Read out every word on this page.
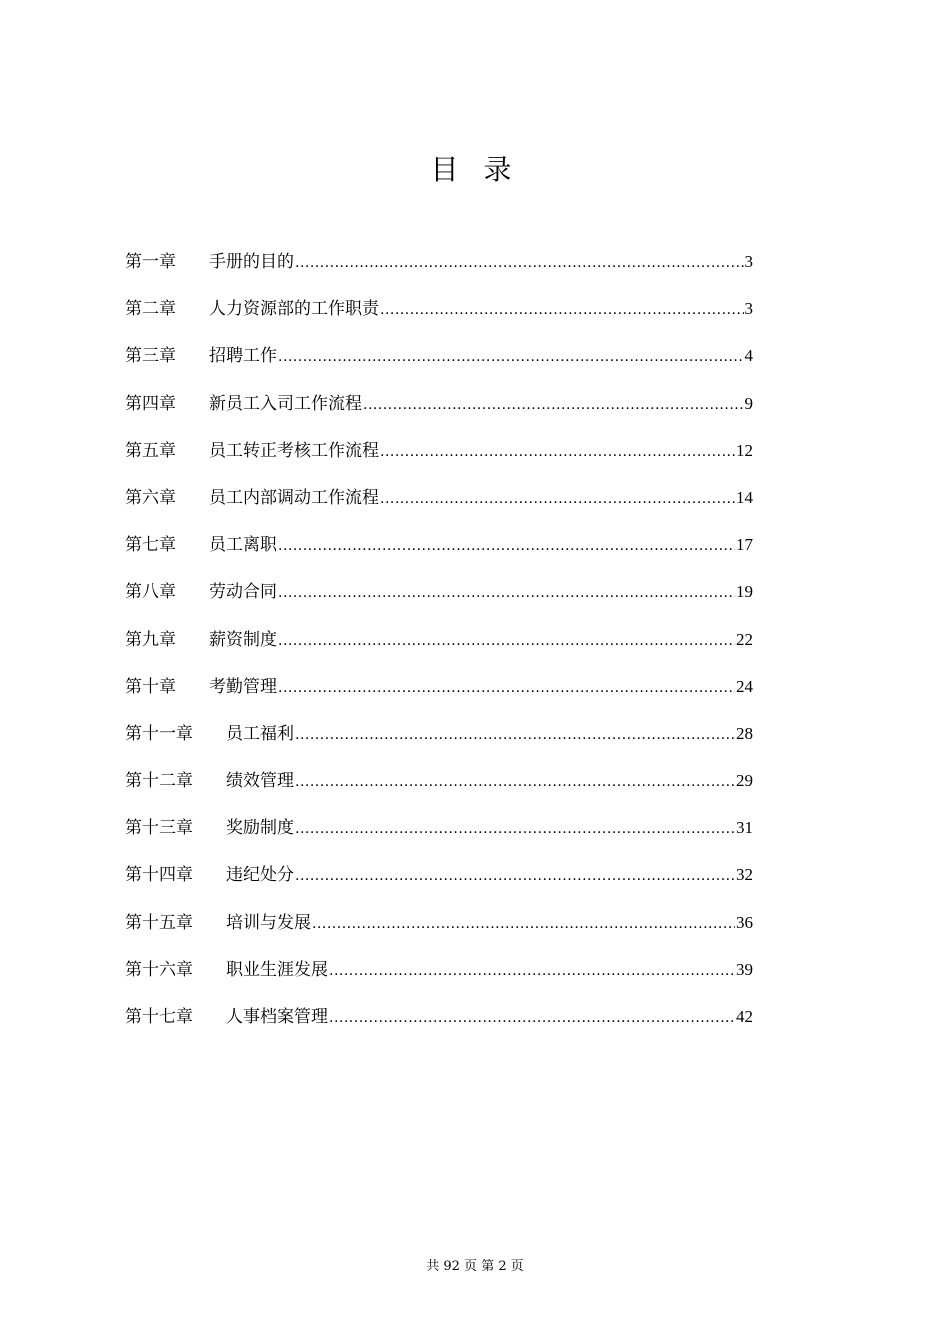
目 录
第一章	手册的目的 .....	3
第二章	人力资源部的工作职责 .....	3
第三章	招聘工作 .....	4
第四章	新员工入司工作流程 .....	9
第五章	员工转正考核工作流程 .....	12
第六章	员工内部调动工作流程 .....	14
第七章	员工离职 .....	17
第八章	劳动合同 .....	19
第九章	薪资制度 .....	22
第十章	考勤管理 .....	24
第十一章	员工福利 .....	28
第十二章	绩效管理 .....	29
第十三章	奖励制度 .....	31
第十四章	违纪处分 .....	32
第十五章	培训与发展 .....	36
第十六章	职业生涯发展 .....	39
第十七章	人事档案管理 .....	42
共 92 页 第 2 页
